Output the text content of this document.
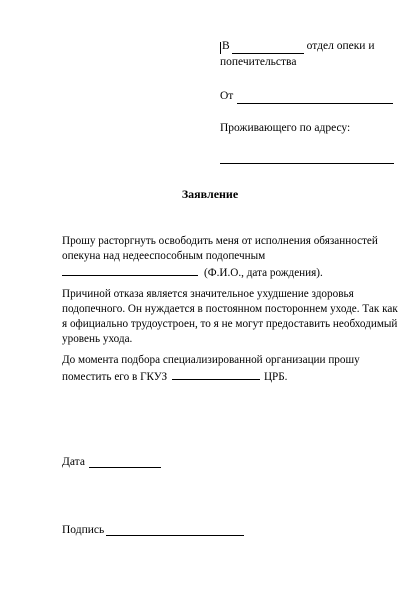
В	отдел опеки и
попечительства
От
Проживающего по адресу:
Заявление

Прошу расторгнуть освободить меня от исполнения обязанностей
опекуна над недееспособным подопечным
(Ф.И.О., дата рождения).

Причиной отказа является значительное ухудшение здоровья подопечного. Он нуждается в постоянном постороннем уходе. Так как я официально трудоустроен, то я не могут предоставить необходимый уровень ухода.

До момента подбора специализированной организации прошу
поместить его в ГКУЗ	ЦРБ.

Дата
Подпись
